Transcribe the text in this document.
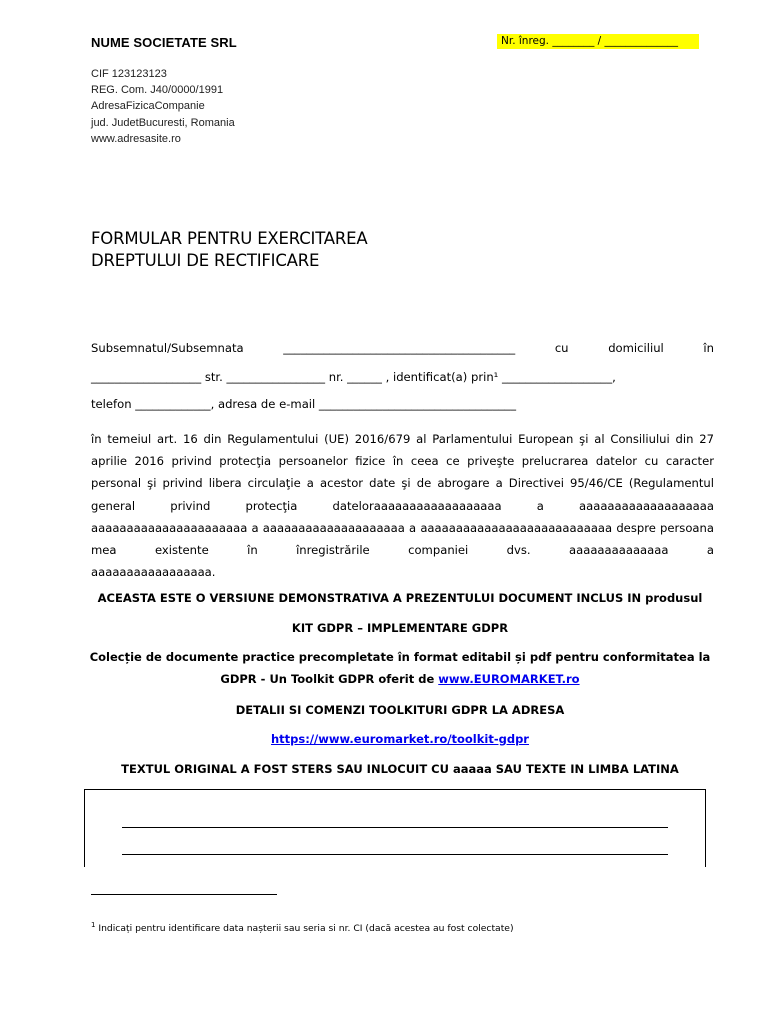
NUME SOCIETATE SRL	Nr. înreg. ________ / ______________
CIF 123123123
REG. Com. J40/0000/1991
AdresaFizicaCompanie
jud. JudetBucuresti, Romania
www.adresasite.ro
FORMULAR PENTRU EXERCITAREA
DREPTULUI DE RECTIFICARE
Subsemnatul/Subsemnata	________________________________________	cu	domiciliul	în
___________________ str. _________________ nr. ______ , identificat(a) prin¹ ___________________,
telefon _____________, adresa de e-mail __________________________________
în temeiul art. 16 din Regulamentului (UE) 2016/679 al Parlamentului European şi al Consiliului din 27 aprilie 2016 privind protecţia persoanelor fizice în ceea ce priveşte prelucrarea datelor cu caracter personal şi privind libera circulaţie a acestor date şi de abrogare a Directivei 95/46/CE (Regulamentul general privind protecţia dateloraaaaaaaaaaaaaaaaaa a aaaaaaaaaaaaaaaaaaa aaaaaaaaaaaaaaaaaaaaaa a aaaaaaaaaaaaaaaaaaaa a aaaaaaaaaaaaaaaaaaaaaaaaaaa despre persoana mea existente în înregistrările companiei dvs. aaaaaaaaaaaaaa a
aaaaaaaaaaaaaaaaa.
ACEASTA ESTE O VERSIUNE DEMONSTRATIVA A PREZENTULUI DOCUMENT INCLUS IN produsul
KIT GDPR – IMPLEMENTARE GDPR
Colecție de documente practice precompletate în format editabil și pdf pentru conformitatea la
GDPR - Un Toolkit GDPR oferit de www.EUROMARKET.ro
DETALII SI COMENZI TOOLKITURI GDPR LA ADRESA
https://www.euromarket.ro/toolkit-gdpr
TEXTUL ORIGINAL A FOST STERS SAU INLOCUIT CU aaaaa SAU TEXTE IN LIMBA LATINA
$^1$ Indicați pentru identificare data nașterii sau seria si nr. CI (dacă acestea au fost colectate)
